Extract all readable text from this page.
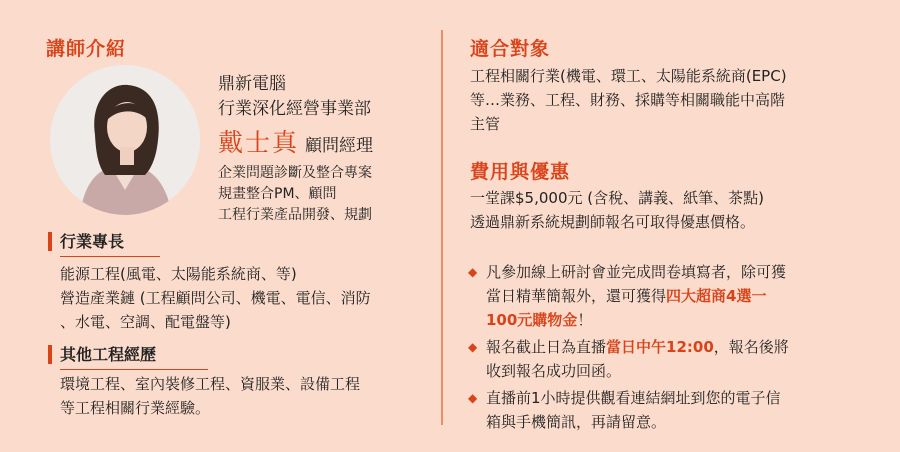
講師介紹
鼎新電腦
行業深化經營事業部
戴士真 顧問經理
企業問題診斷及整合專案
規畫整合PM、顧問
工程行業產品開發、規劃
行業專長
能源工程(風電、太陽能系統商、等)
營造產業鏈 (工程顧問公司、機電、電信、消防
、水電、空調、配電盤等)
其他工程經歷
環境工程、室內裝修工程、資服業、設備工程
等工程相關行業經驗。
適合對象
工程相關行業(機電、環工、太陽能系統商(EPC)
等…業務、工程、財務、採購等相關職能中高階
主管
費用與優惠
一堂課$5,000元 (含稅、講義、紙筆、茶點)
透過鼎新系統規劃師報名可取得優惠價格。
◆ 凡參加線上研討會並完成問卷填寫者，除可獲
當日精華簡報外，還可獲得四大超商4選一
100元購物金！
◆ 報名截止日為直播當日中午12:00，報名後將
收到報名成功回函。
◆ 直播前1小時提供觀看連結網址到您的電子信
箱與手機簡訊，再請留意。
